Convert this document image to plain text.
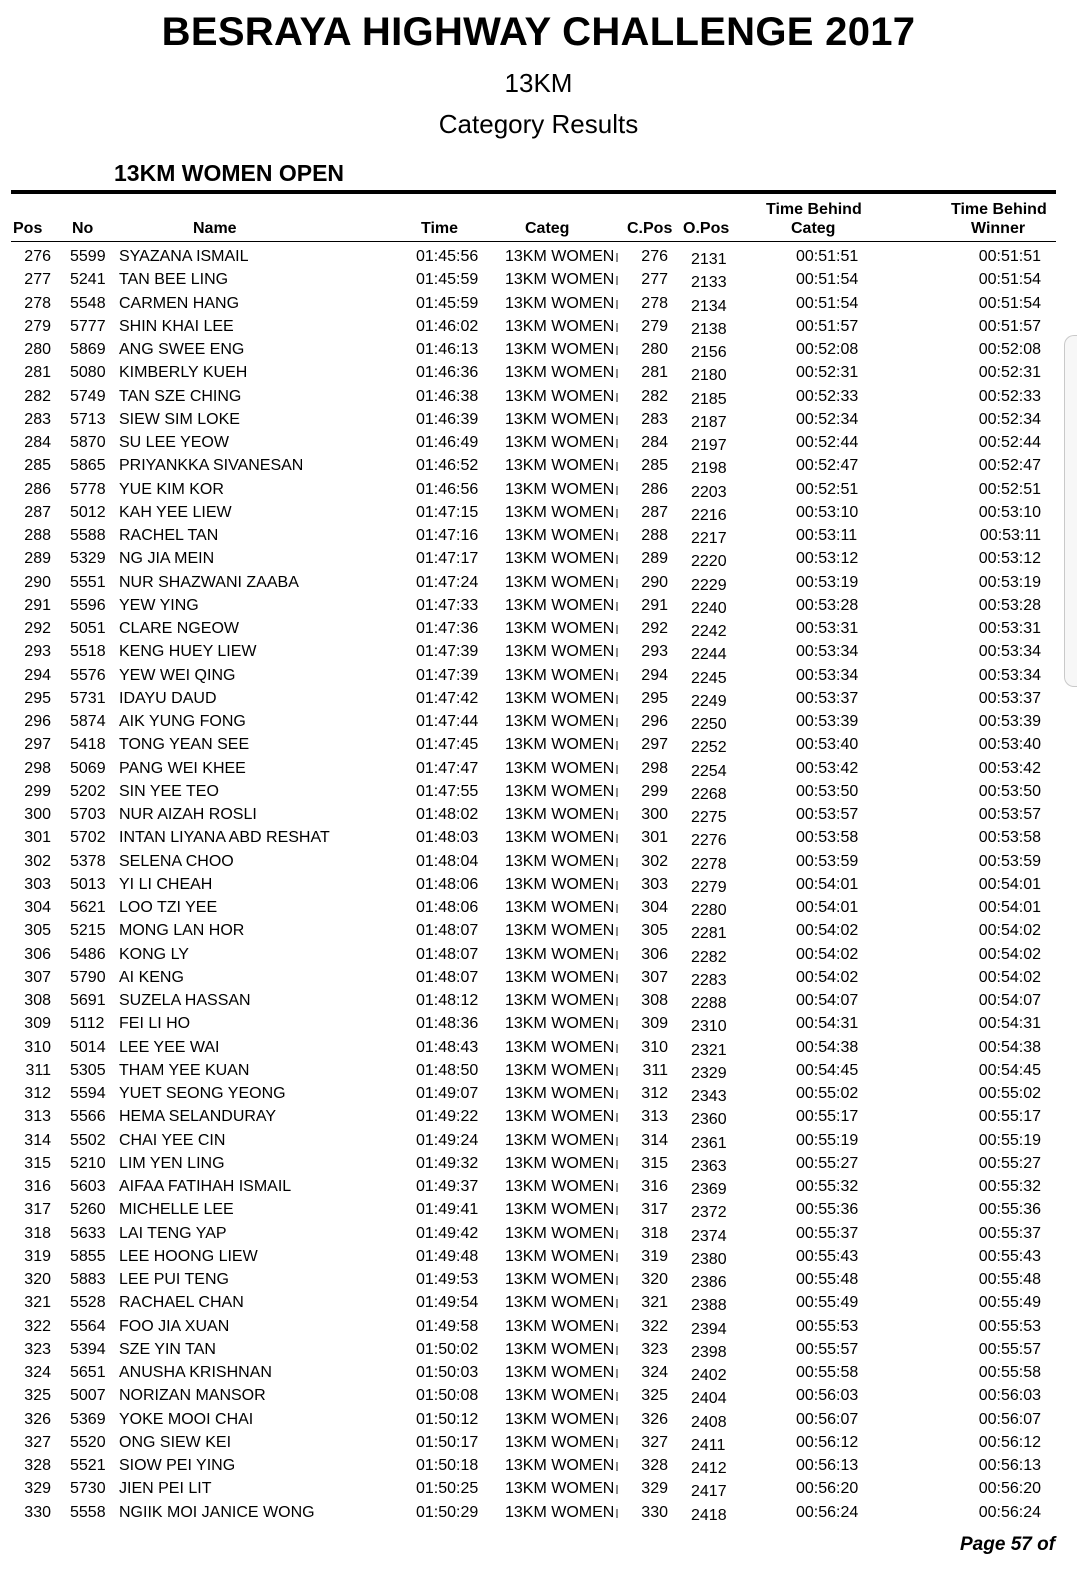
BESRAYA HIGHWAY CHALLENGE 2017
13KM
Category Results
13KM WOMEN OPEN
Pos No	Name	Time	Categ	C.Pos O.Pos
Time Behind
Categ
Time Behind
Winner
276 5599 SYAZANA ISMAIL	01:45:56 13KM WOMEN	276 2131	00:51:51	00:51:51
277 5241 TAN BEE LING	01:45:59 13KM WOMEN	277 2133	00:51:54	00:51:54
278 5548 CARMEN HANG	01:45:59 13KM WOMEN	278 2134	00:51:54	00:51:54
279 5777 SHIN KHAI LEE	01:46:02 13KM WOMEN	279 2138	00:51:57	00:51:57
280 5869 ANG SWEE ENG	01:46:13 13KM WOMEN	280 2156	00:52:08	00:52:08
281 5080 KIMBERLY KUEH	01:46:36 13KM WOMEN	281 2180	00:52:31	00:52:31
282 5749 TAN SZE CHING	01:46:38 13KM WOMEN	282 2185	00:52:33	00:52:33
283 5713 SIEW SIM LOKE	01:46:39 13KM WOMEN	283 2187	00:52:34	00:52:34
284 5870 SU LEE YEOW	01:46:49 13KM WOMEN	284 2197	00:52:44	00:52:44
285 5865 PRIYANKKA SIVANESAN	01:46:52 13KM WOMEN	285 2198	00:52:47	00:52:47
286 5778 YUE KIM KOR	01:46:56 13KM WOMEN	286 2203	00:52:51	00:52:51
287 5012 KAH YEE LIEW	01:47:15 13KM WOMEN	287 2216	00:53:10	00:53:10
288 5588 RACHEL TAN	01:47:16 13KM WOMEN	288 2217	00:53:11	00:53:11
289 5329 NG JIA MEIN	01:47:17 13KM WOMEN	289 2220	00:53:12	00:53:12
290 5551 NUR SHAZWANI ZAABA	01:47:24 13KM WOMEN	290 2229	00:53:19	00:53:19
291 5596 YEW YING	01:47:33 13KM WOMEN	291 2240	00:53:28	00:53:28
292 5051 CLARE NGEOW	01:47:36 13KM WOMEN	292 2242	00:53:31	00:53:31
293 5518 KENG HUEY LIEW	01:47:39 13KM WOMEN	293 2244	00:53:34	00:53:34
294 5576 YEW WEI QING	01:47:39 13KM WOMEN	294 2245	00:53:34	00:53:34
295 5731 IDAYU DAUD	01:47:42 13KM WOMEN	295 2249	00:53:37	00:53:37
296 5874 AIK YUNG FONG	01:47:44 13KM WOMEN	296 2250	00:53:39	00:53:39
297 5418 TONG YEAN SEE	01:47:45 13KM WOMEN	297 2252	00:53:40	00:53:40
298 5069 PANG WEI KHEE	01:47:47 13KM WOMEN	298 2254	00:53:42	00:53:42
299 5202 SIN YEE TEO	01:47:55 13KM WOMEN	299 2268	00:53:50	00:53:50
300 5703 NUR AIZAH ROSLI	01:48:02 13KM WOMEN	300 2275	00:53:57	00:53:57
301 5702 INTAN LIYANA ABD RESHAT	01:48:03 13KM WOMEN	301 2276	00:53:58	00:53:58
302 5378 SELENA CHOO	01:48:04 13KM WOMEN	302 2278	00:53:59	00:53:59
303 5013 YI LI CHEAH	01:48:06 13KM WOMEN	303 2279	00:54:01	00:54:01
304 5621 LOO TZI YEE	01:48:06 13KM WOMEN	304 2280	00:54:01	00:54:01
305 5215 MONG LAN HOR	01:48:07 13KM WOMEN	305 2281	00:54:02	00:54:02
306 5486 KONG LY	01:48:07 13KM WOMEN	306 2282	00:54:02	00:54:02
307 5790 AI KENG	01:48:07 13KM WOMEN	307 2283	00:54:02	00:54:02
308 5691 SUZELA HASSAN	01:48:12 13KM WOMEN	308 2288	00:54:07	00:54:07
309 5112 FEI LI HO	01:48:36 13KM WOMEN	309 2310	00:54:31	00:54:31
310 5014 LEE YEE WAI	01:48:43 13KM WOMEN	310 2321	00:54:38	00:54:38
311 5305 THAM YEE KUAN	01:48:50 13KM WOMEN	311 2329	00:54:45	00:54:45
312 5594 YUET SEONG YEONG	01:49:07 13KM WOMEN	312 2343	00:55:02	00:55:02
313 5566 HEMA SELANDURAY	01:49:22 13KM WOMEN	313 2360	00:55:17	00:55:17
314 5502 CHAI YEE CIN	01:49:24 13KM WOMEN	314 2361	00:55:19	00:55:19
315 5210 LIM YEN LING	01:49:32 13KM WOMEN	315 2363	00:55:27	00:55:27
316 5603 AIFAA FATIHAH ISMAIL	01:49:37 13KM WOMEN	316 2369	00:55:32	00:55:32
317 5260 MICHELLE LEE	01:49:41 13KM WOMEN	317 2372	00:55:36	00:55:36
318 5633 LAI TENG YAP	01:49:42 13KM WOMEN	318 2374	00:55:37	00:55:37
319 5855 LEE HOONG LIEW	01:49:48 13KM WOMEN	319 2380	00:55:43	00:55:43
320 5883 LEE PUI TENG	01:49:53 13KM WOMEN	320 2386	00:55:48	00:55:48
321 5528 RACHAEL CHAN	01:49:54 13KM WOMEN	321 2388	00:55:49	00:55:49
322 5564 FOO JIA XUAN	01:49:58 13KM WOMEN	322 2394	00:55:53	00:55:53
323 5394 SZE YIN TAN	01:50:02 13KM WOMEN	323 2398	00:55:57	00:55:57
324 5651 ANUSHA KRISHNAN	01:50:03 13KM WOMEN	324 2402	00:55:58	00:55:58
325 5007 NORIZAN MANSOR	01:50:08 13KM WOMEN	325 2404	00:56:03	00:56:03
326 5369 YOKE MOOI CHAI	01:50:12 13KM WOMEN	326 2408	00:56:07	00:56:07
327 5520 ONG SIEW KEI	01:50:17 13KM WOMEN	327 2411	00:56:12	00:56:12
328 5521 SIOW PEI YING	01:50:18 13KM WOMEN	328 2412	00:56:13	00:56:13
329 5730 JIEN PEI LIT	01:50:25 13KM WOMEN	329 2417	00:56:20	00:56:20
330 5558 NGIIK MOI JANICE WONG	01:50:29 13KM WOMEN	330 2418	00:56:24	00:56:24
Page 57 of
